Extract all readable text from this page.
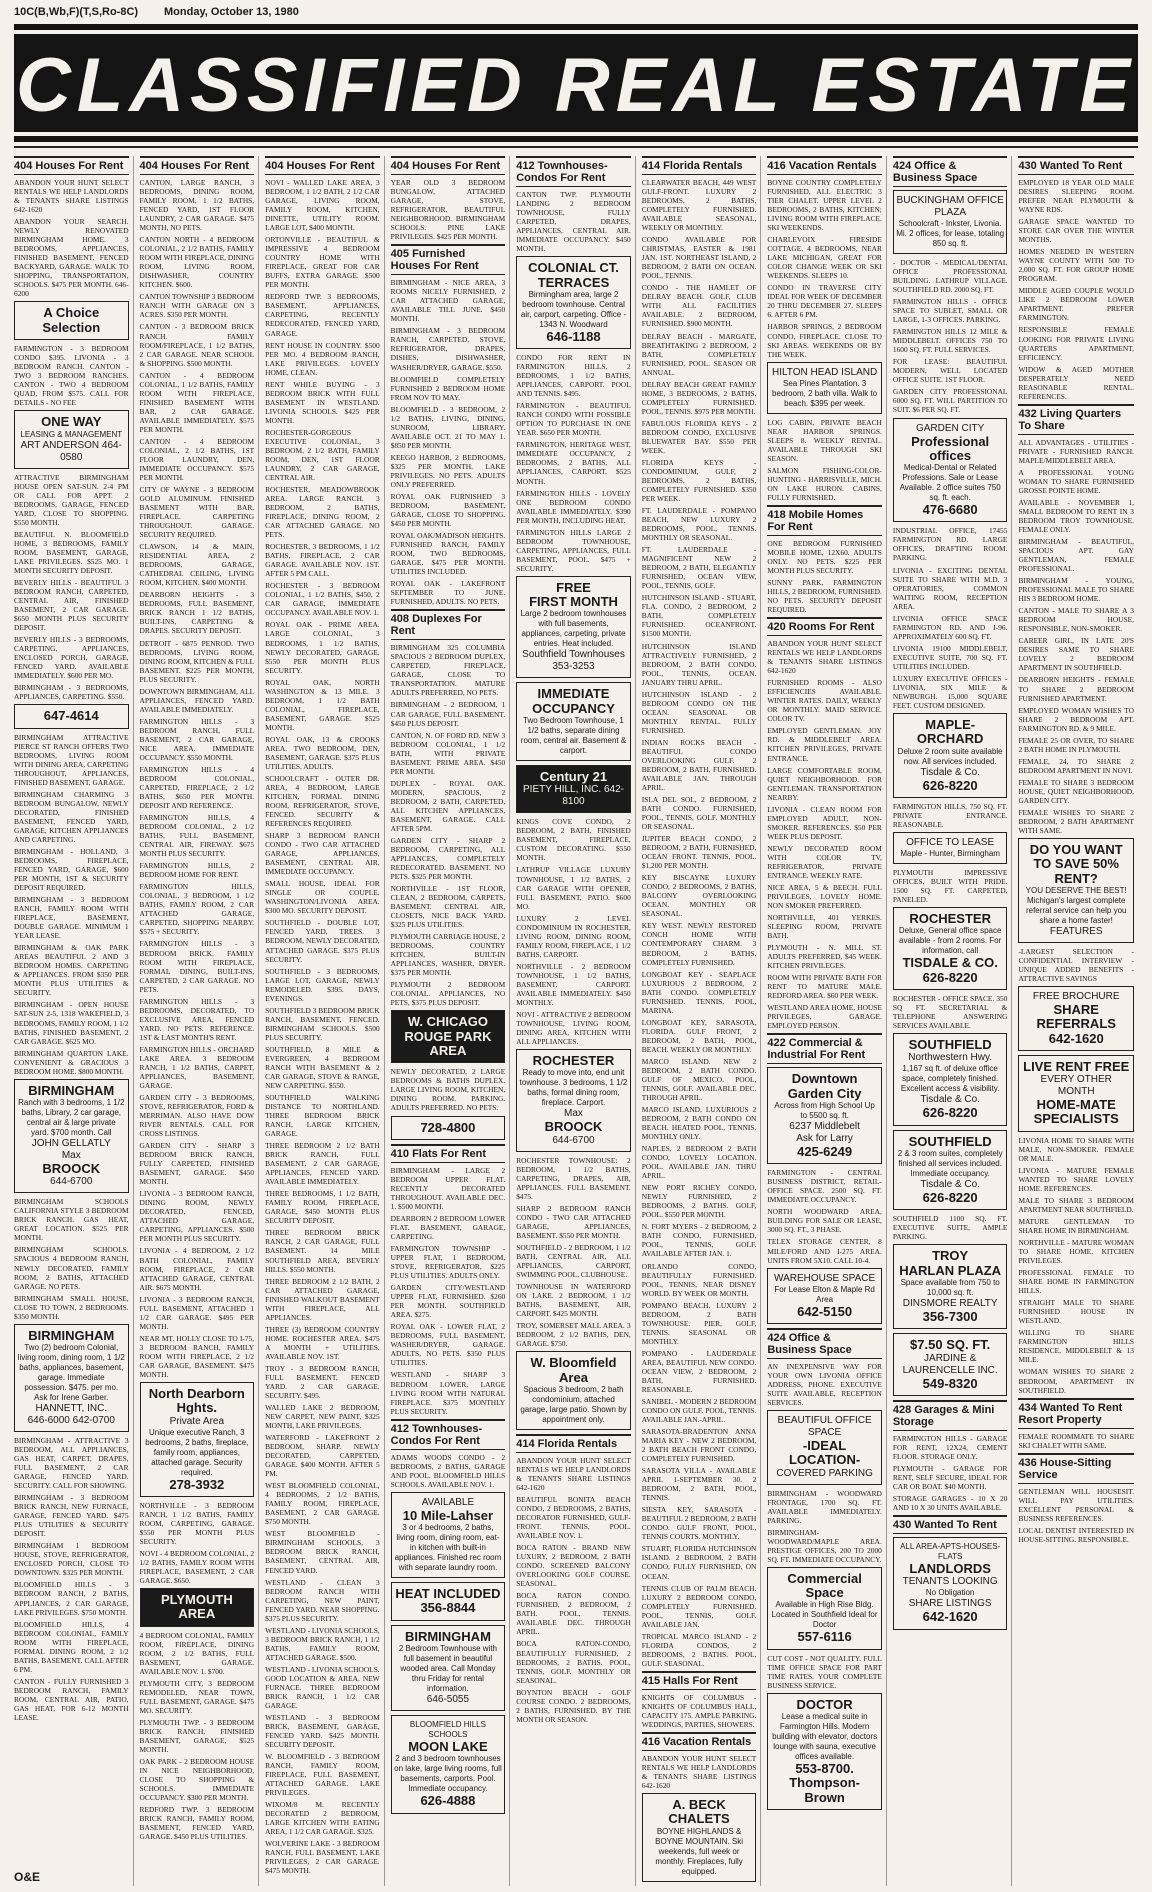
10C(B,Wb,F)(T,S,Ro-8C) Monday, October 13, 1980
CLASSIFIED REAL ESTATE
404 Houses For Rent
ABANDON YOUR HUNT SELECT RENTALS WE HELP LANDLORDS & TENANTS SHARE LISTINGS 642-1620
ABANDON YOUR SEARCH. NEWLY RENOVATED BIRMINGHAM HOME. 3 BEDROOMS, APPLIANCES, FINISHED BASEMENT, FENCED BACKYARD, GARAGE. WALK TO SHOPPING, TRANSPORTATION, SCHOOLS. $475 PER MONTH. 646-6200
A Choice Selection
FARMINGTON - 3 BEDROOM CONDO $395. LIVONIA - 3 BEDROOM RANCH. CANTON - TWO 3 BEDROOM RANCHES. CANTON - TWO 4 BEDROOM QUAD, FROM $575. CALL FOR DETAILS - NO FEE
ONE WAY
LEASING & MANAGEMENT
ART ANDERSON 464-0580
ATTRACTIVE BIRMINGHAM HOUSE OPEN SAT-SUN. 2-4 PM OR CALL FOR APPT. 2 BEDROOMS, GARAGE, FENCED YARD, CLOSE TO SHOPPING. $550 MONTH.
BEAUTIFUL N. BLOOMFIELD HOME, 3 BEDROOMS, FAMILY ROOM, BASEMENT, GARAGE, LAKE PRIVILEGES. $525 MO. 1 MONTH SECURITY DEPOSIT.
BEVERLY HILLS - BEAUTIFUL 3 BEDROOM RANCH, CARPETED, CENTRAL AIR, FINISHED BASEMENT, 2 CAR GARAGE. $650 MONTH PLUS SECURITY DEPOSIT.
BEVERLY HILLS - 3 BEDROOMS, CARPETING, APPLIANCES, ENCLOSED PORCH, GARAGE, FENCED YARD. AVAILABLE IMMEDIATELY. $600 PER MO.
BIRMINGHAM - 3 BEDROOMS, APPLIANCES, CARPETING. $550.
647-4614
BIRMINGHAM ATTRACTIVE PIERCE ST RANCH OFFERS TWO BEDROOMS, LIVING ROOM WITH DINING AREA, CARPETING THROUGHOUT, APPLIANCES, FINISHED BASEMENT, GARAGE.
BIRMINGHAM CHARMING 3 BEDROOM BUNGALOW, NEWLY DECORATED, FINISHED BASEMENT, FENCED YARD, GARAGE, KITCHEN APPLIANCES AND CARPETING.
BIRMINGHAM - HOLLAND, 3 BEDROOMS, FIREPLACE, FENCED YARD, GARAGE, $600 PER MONTH, 1ST & SECURITY DEPOSIT REQUIRED.
BIRMINGHAM - 3 BEDROOM RANCH, FAMILY ROOM WITH FIREPLACE, BASEMENT, DOUBLE GARAGE. MINIMUM 1 YEAR LEASE.
BIRMINGHAM & OAK PARK AREAS BEAUTIFUL 2 AND 3 BEDROOM HOMES. CARPETING & APPLIANCES. FROM $350 PER MONTH PLUS UTILITIES & SECURITY.
BIRMINGHAM - OPEN HOUSE SAT-SUN 2-5, 1318 WAKEFIELD, 3 BEDROOMS, FAMILY ROOM, 1 1/2 BATHS, FINISHED BASEMENT, 2 CAR GARAGE. $625 MO.
BIRMINGHAM QUARTON LAKE. CONVENIENT & GRACIOUS 3 BEDROOM HOME. $800 MONTH.
BIRMINGHAM
Ranch with 3 bedrooms, 1 1/2 baths, Library, 2 car garage, central air & large private yard. $700 month. Call
JOHN GELLATLY
Max
BROOCK
644-6700
BIRMINGHAM SCHOOLS CALIFORNIA STYLE 3 BEDROOM BRICK RANCH. GAS HEAT, GREAT LOCATION. $525 PER MONTH.
BIRMINGHAM SCHOOLS. SPACIOUS 4 BEDROOM RANCH, NEWLY DECORATED, FAMILY ROOM, 2 BATHS, ATTACHED GARAGE. NO PETS.
BIRMINGHAM SMALL HOUSE, CLOSE TO TOWN, 2 BEDROOMS. $350 MONTH.
BIRMINGHAM
Two (2) bedroom Colonial, living room, dining room, 1 1/2 baths, appliances, basement, garage. Immediate possession. $475. per mo. Ask for Irene Garber.
HANNETT, INC.
646-6000 642-0700
BIRMINGHAM - ATTRACTIVE 3 BEDROOM, ALL APPLIANCES, GAS HEAT, CARPET, DRAPES, FULL BASEMENT, 2 CAR GARAGE, FENCED YARD. SECURITY. CALL FOR SHOWING.
BIRMINGHAM - 3 BEDROOM BRICK RANCH, NEW FURNACE, GARAGE, FENCED YARD. $475 PLUS UTILITIES & SECURITY DEPOSIT.
BIRMINGHAM 1 BEDROOM HOUSE, STOVE, REFRIGERATOR, ENCLOSED PORCH, CLOSE TO DOWNTOWN. $325 PER MONTH.
BLOOMFIELD HILLS - 3 BEDROOM RANCH, 2 BATHS, APPLIANCES, 2 CAR GARAGE, LAKE PRIVILEGES. $750 MONTH.
BLOOMFIELD HILLS, 4 BEDROOM COLONIAL, FAMILY ROOM WITH FIREPLACE, FORMAL DINING ROOM, 2 1/2 BATHS, BASEMENT. CALL AFTER 6 PM.
CANTON - FULLY FURNISHED 3 BEDROOM RANCH, FAMILY ROOM, CENTRAL AIR, PATIO, GAS HEAT, FOR 6-12 MONTH LEASE.
404 Houses For Rent
CANTON, LARGE RANCH, 3 BEDROOMS, DINING ROOM, FAMILY ROOM, 1 1/2 BATHS, FENCED YARD, 1ST FLOOR LAUNDRY, 2 CAR GARAGE. $475 MONTH, NO PETS.
CANTON NORTH - 4 BEDROOM COLONIAL, 2 1/2 BATHS, FAMILY ROOM WITH FIREPLACE, DINING ROOM, LIVING ROOM, DISHWASHER, COUNTRY KITCHEN. $600.
CANTON TOWNSHIP 3 BEDROOM RANCH WITH GARAGE ON 3 ACRES. $350 PER MONTH.
CANTON - 3 BEDROOM BRICK RANCH. FAMILY ROOM/FIREPLACE, 1 1/2 BATHS, 2 CAR GARAGE. NEAR SCHOOL & SHOPPING. $500 MONTH.
CANTON - 4 BEDROOM COLONIAL, 1 1/2 BATHS, FAMILY ROOM WITH FIREPLACE, FINISHED BASEMENT WITH BAR, 2 CAR GARAGE. AVAILABLE IMMEDIATELY. $575 PER MONTH.
CANTON - 4 BEDROOM COLONIAL, 2 1/2 BATHS, 1ST FLOOR LAUNDRY, DEN, IMMEDIATE OCCUPANCY. $575 PER MONTH.
CITY OF WAYNE - 3 BEDROOM GOLD ALUMINUM. FINISHED BASEMENT WITH BAR, FIREPLACE. CARPETING THROUGHOUT. GARAGE. SECURITY REQUIRED.
CLAWSON, 14 & MAIN, RESIDENTIAL AREA, 2 BEDROOMS, GARAGE, CATHEDRAL CEILING, LIVING ROOM, KITCHEN. $400 MONTH.
DEARBORN HEIGHTS - 3 BEDROOMS, FULL BASEMENT, BRICK RANCH 1 1/2 BATHS, BUILT-INS, CARPETING & DRAPES. SECURITY DEPOSIT.
DETROIT - 6875 PENROD. TWO BEDROOMS, LIVING ROOM, DINING ROOM, KITCHEN & FULL BASEMENT. $225 PER MONTH, PLUS SECURITY.
DOWNTOWN BIRMINGHAM, ALL APPLIANCES, FENCED YARD. AVAILABLE IMMEDIATELY.
FARMINGTON HILLS - 3 BEDROOM RANCH, FULL BASEMENT, 2 CAR GARAGE, NICE AREA. IMMEDIATE OCCUPANCY. $550 MONTH.
FARMINGTON HILLS - 4 BEDROOM COLONIAL, CARPETED, FIREPLACE, 2 1/2 BATHS, $650 PER MONTH. DEPOSIT AND REFERENCE.
FARMINGTON HILLS, 4 BEDROOM COLONIAL, 2 1/2 BATHS, FULL BASEMENT, CENTRAL AIR, FIREWAY. $675 MONTH PLUS SECURITY.
FARMINGTON HILLS, 2 BEDROOM HOME FOR RENT.
FARMINGTON HILLS, COLONIAL, 3 BEDROOM, 1 1/2 BATHS, FAMILY ROOM, 2 CAR ATTACHED GARAGE, CARPETED, SHOPPING NEARBY. $575 + SECURITY.
FARMINGTON HILLS - 3 BEDROOM BRICK. FAMILY ROOM WITH FIREPLACE, FORMAL DINING, BUILT-INS, CARPETED, 2 CAR GARAGE. NO PETS.
FARMINGTON HILLS - 3 BEDROOMS, DECORATED, TO EXCLUSIVE AREA, FENCED YARD. NO PETS. REFERENCE. 1ST & LAST MONTH'S RENT.
FARMINGTON HILLS - ORCHARD LAKE AREA. 3 BEDROOM RANCH, 1 1/2 BATHS, CARPET, APPLIANCES, BASEMENT, GARAGE.
GARDEN CITY - 3 BEDROOMS, STOVE, REFRIGERATOR, FORD & MERRIMAN. ALSO HAVE DOW RIVER RENTALS. CALL FOR CROSS LISTINGS.
GARDEN CITY - SHARP 3 BEDROOM BRICK RANCH, FULLY CARPETED, FINISHED BASEMENT, GARAGE. $450 MONTH.
LIVONIA - 3 BEDROOM RANCH, DINING ROOM, NEWLY DECORATED, FENCED, ATTACHED GARAGE, CARPETING, APPLIANCES. $500 PER MONTH PLUS SECURITY.
LIVONIA - 4 BEDROOM, 2 1/2 BATH COLONIAL, FAMILY ROOM, FIREPLACE, 2 CAR ATTACHED GARAGE, CENTRAL AIR. $675 MONTH.
LIVONIA - 3 BEDROOM RANCH, FULL BASEMENT, ATTACHED 1 1/2 CAR GARAGE. $495 PER MONTH.
NEAR MT. HOLLY CLOSE TO I-75, 3 BEDROOM RANCH, FAMILY ROOM WITH FIREPLACE, 2 1/2 CAR GARAGE, BASEMENT. $475 MONTH.
North Dearborn Hghts.
Private Area
Unique executive Ranch, 3 bedrooms, 2 baths, fireplace, family room, appliances, attached garage. Security required.
278-3932
NORTHVILLE - 3 BEDROOM RANCH, 1 1/2 BATHS, FAMILY ROOM, CARPETING, GARAGE. $550 PER MONTH PLUS SECURITY.
NOVI - 4 BEDROOM COLONIAL, 2 1/2 BATHS, FAMILY ROOM WITH FIREPLACE, BASEMENT, 2 CAR GARAGE. $650.
PLYMOUTH AREA
4 BEDROOM COLONIAL, FAMILY ROOM, FIREPLACE, DINING ROOM, 2 1/2 BATHS, FULL BASEMENT, GARAGE. AVAILABLE NOV. 1. $700.
PLYMOUTH CITY, 3 BEDROOM REMODELED, NEAR TOWN, FULL BASEMENT, GARAGE. $475 MO. SECURITY.
PLYMOUTH TWP. - 3 BEDROOM BRICK RANCH, FINISHED BASEMENT, GARAGE, $525 MONTH.
OAK PARK - 2 BEDROOM HOUSE IN NICE NEIGHBORHOOD, CLOSE TO SHOPPING & SCHOOLS. IMMEDIATE OCCUPANCY. $300 PER MONTH.
REDFORD TWP. 3 BEDROOM BRICK RANCH, FAMILY ROOM, BASEMENT, FENCED YARD, GARAGE. $450 PLUS UTILITIES.
404 Houses For Rent
NOVI - WALLED LAKE AREA, 3 BEDROOM, 1 1/2 BATH, 2 1/2 CAR GARAGE, LIVING ROOM, FAMILY ROOM, KITCHEN, DINETTE, UTILITY ROOM. LARGE LOT, $400 MONTH.
ORTONVILLE - BEAUTIFUL & IMPRESSIVE 4 BEDROOM COUNTRY HOME WITH FIREPLACE, GREAT FOR CAR BUFFS, EXTRA GARAGE. $500 PER MONTH.
REDFORD TWP. 3 BEDROOMS, BASEMENT, APPLIANCES, CARPETING, RECENTLY REDECORATED, FENCED YARD, GARAGE.
RENT HOUSE IN COUNTRY. $500 PER MO. 4 BEDROOM RANCH, LAKE PRIVILEGES. LOVELY HOME, CLEAN.
RENT WHILE BUYING - 3 BEDROOM BRICK WITH FULL BASEMENT IN WESTLAND. LIVONIA SCHOOLS. $425 PER MONTH.
ROCHESTER-GORGEOUS EXECUTIVE COLONIAL, 3 BEDROOM, 2 1/2 BATH, FAMILY ROOM, DEN, 1ST FLOOR LAUNDRY, 2 CAR GARAGE, CENTRAL AIR.
ROCHESTER, MEADOWBROOK AREA. LARGE RANCH. 3 BEDROOM, 2 BATHS, FIREPLACE, DINING ROOM, 2 CAR ATTACHED GARAGE. NO PETS.
ROCHESTER, 3 BEDROOMS, 1 1/2 BATHS, FIREPLACE, 2 CAR GARAGE. AVAILABLE NOV. 1ST. AFTER 5 PM CALL.
ROCHESTER - 3 BEDROOM COLONIAL, 1 1/2 BATHS, $450, 2 CAR GARAGE, IMMEDIATE OCCUPANCY. AVAILABLE NOV. 1.
ROYAL OAK - PRIME AREA. LARGE COLONIAL, 3 BEDROOMS, 1 1/2 BATHS, NEWLY DECORATED, GARAGE. $550 PER MONTH PLUS SECURITY.
ROYAL OAK, NORTH WASHINGTON & 13 MILE. 3 BEDROOM, 1 1/2 BATH COLONIAL, FIREPLACE, BASEMENT, GARAGE. $525 MONTH.
ROYAL OAK, 13 & CROOKS AREA. TWO BEDROOM, DEN, BASEMENT, GARAGE. $375 PLUS UTILITIES. ADULTS.
SCHOOLCRAFT - OUTER DR. AREA, 4 BEDROOM, LARGE KITCHEN, FORMAL DINING ROOM, REFRIGERATOR, STOVE, FENCED. SECURITY & REFERENCES REQUIRED.
SHARP 3 BEDROOM RANCH CONDO - TWO CAR ATTACHED GARAGE, APPLIANCES, BASEMENT, CENTRAL AIR. IMMEDIATE OCCUPANCY.
SMALL HOUSE, IDEAL FOR SINGLE OR COUPLE. WASHINGTON/LIVONIA AREA. $300 MO. SECURITY DEPOSIT.
SOUTHFIELD - DOUBLE LOT, FENCED YARD, TREES. 3 BEDROOM, NEWLY DECORATED, ATTACHED GARAGE. $375 PLUS SECURITY.
SOUTHFIELD - 3 BEDROOMS, LARGE LOT, GARAGE, NEWLY REMODELED. $395. DAYS, EVENINGS.
SOUTHFIELD 3 BEDROOM BRICK RANCH, BASEMENT, FENCED. BIRMINGHAM SCHOOLS. $500 PLUS SECURITY.
SOUTHFIELD, 8 MILE & EVERGREEN, 4 BEDROOM RANCH WITH BASEMENT & 2 CAR GARAGE, STOVE & RANGE, NEW CARPETING. $550.
SOUTHFIELD WALKING DISTANCE TO NORTHLAND. THREE BEDROOM BRICK RANCH, LARGE KITCHEN, GARAGE.
THREE BEDROOM 2 1/2 BATH BRICK RANCH, FULL BASEMENT, 2 CAR GARAGE, APPLIANCES, FENCED YARD. AVAILABLE IMMEDIATELY.
THREE BEDROOMS, 1 1/2 BATH, FAMILY ROOM, FIREPLACE, GARAGE, $450 MONTH PLUS SECURITY DEPOSIT.
THREE BEDROOM BRICK RANCH, 2 CAR GARAGE, FULL BASEMENT. 14 MILE SOUTHFIELD AREA, BEVERLY HILLS. $550 MONTH.
THREE BEDROOM 2 1/2 BATH, 2 CAR ATTACHED GARAGE, FINISHED WALKOUT BASEMENT WITH FIREPLACE, ALL APPLIANCES.
THREE (3) BEDROOM COUNTRY HOME. ROCHESTER AREA. $475 A MONTH + UTILITIES. AVAILABLE NOV. 1ST.
TROY - 3 BEDROOM RANCH, FULL BASEMENT, FENCED YARD. 2 CAR GARAGE. SECURITY. $495.
WALLED LAKE 2 BEDROOM, NEW CARPET, NEW PAINT, $325 MONTH, LAKE PRIVILEGES.
WATERFORD - LAKEFRONT 2 BEDROOM, SHARP. NEWLY DECORATED, CARPETED, GARAGE. $400 MONTH. AFTER 5 PM.
WEST BLOOMFIELD COLONIAL, 4 BEDROOMS, 2 1/2 BATHS, FAMILY ROOM, FIREPLACE, BASEMENT, 2 CAR GARAGE. $750 MONTH.
WEST BLOOMFIELD - BIRMINGHAM SCHOOLS, 3 BEDROOM BRICK RANCH, BASEMENT, CENTRAL AIR, FENCED YARD.
WESTLAND - CLEAN 3 BEDROOM RANCH WITH CARPETING, NEW PAINT, FENCED YARD. NEAR SHOPPING. $375 PLUS SECURITY.
WESTLAND - LIVONIA SCHOOLS, 3 BEDROOM BRICK RANCH, 1 1/2 BATHS, FAMILY ROOM, ATTACHED GARAGE. $500.
WESTLAND - LIVONIA SCHOOLS. GOOD LOCATION & AREA. NEW FURNACE. THREE BEDROOM BRICK RANCH, 1 1/2 CAR GARAGE.
WESTLAND - 3 BEDROOM BRICK, BASEMENT, GARAGE, FENCED YARD. $425 MONTH. SECURITY DEPOSIT.
W. BLOOMFIELD - 3 BEDROOM RANCH, FAMILY ROOM, FIREPLACE, FULL BASEMENT, ATTACHED GARAGE. LAKE PRIVILEGES.
WIXOM/8 M. RECENTLY DECORATED 2 BEDROOM, LARGE KITCHEN WITH EATING AREA, 1 1/2 CAR GARAGE. $325.
WOLVERINE LAKE - 3 BEDROOM RANCH, FULL BASEMENT, LAKE PRIVILEGES, 2 CAR GARAGE. $475 MONTH.
404 Houses For Rent
YEAR OLD 3 BEDROOM BUNGALOW, ATTACHED GARAGE, STOVE, REFRIGERATOR, BEAUTIFUL NEIGHBORHOOD. BIRMINGHAM SCHOOLS. PINE LAKE PRIVILEGES. $425 PER MONTH.
405 Furnished Houses For Rent
BIRMINGHAM - NICE AREA, 3 ROOMS NICELY FURNISHED, 2 CAR ATTACHED GARAGE, AVAILABLE TILL JUNE. $450 MONTH.
BIRMINGHAM - 3 BEDROOM RANCH, CARPETED, STOVE, REFRIGERATOR, DRAPES, DISHES, DISHWASHER, WASHER/DRYER, GARAGE. $550.
BLOOMFIELD COMPLETELY FURNISHED 2 BEDROOM HOME FROM NOV TO MAY.
BLOOMFIELD - 3 BEDROOM, 2 1/2 BATHS, LIVING, DINING, SUNROOM, LIBRARY. AVAILABLE OCT. 21 TO MAY 1. $850 PER MONTH.
KEEGO HARBOR, 2 BEDROOMS, $325 PER MONTH. LAKE PRIVILEGES. NO PETS. ADULTS ONLY PREFERRED.
ROYAL OAK FURNISHED 3 BEDROOM, BASEMENT, GARAGE, CLOSE TO SHOPPING. $450 PER MONTH.
ROYAL OAK/MADISON HEIGHTS. FURNISHED RANCH, FAMILY ROOM, TWO BEDROOMS, GARAGE. $475 PER MONTH. UTILITIES INCLUDED.
ROYAL OAK - LAKEFRONT SEPTEMBER TO JUNE. FURNISHED, ADULTS. NO PETS.
408 Duplexes For Rent
BIRMINGHAM 325 COLUMBIA SPACIOUS 2 BEDROOM DUPLEX, CARPETED, FIREPLACE, GARAGE, CLOSE TO TRANSPORTATION. MATURE ADULTS PREFERRED, NO PETS.
BIRMINGHAM - 2 BEDROOM, 1 CAR GARAGE, FULL BASEMENT. $450 PLUS DEPOSIT.
CANTON, N. OF FORD RD. NEW 3 BEDROOM COLONIAL, 1 1/2 BATH, WITH PRIVATE BASEMENT. PRIME AREA. $450 PER MONTH.
DUPLEX - ROYAL OAK. MODERN, SPACIOUS, 2 BEDROOM, 2 BATH, CARPETED, ALL KITCHEN APPLIANCES, BASEMENT, GARAGE. CALL AFTER 5PM.
GARDEN CITY - SHARP 2 BEDROOM, CARPETING, ALL APPLIANCES, COMPLETELY REDECORATED. BASEMENT. NO PETS. $325 PER MONTH.
NORTHVILLE - 1ST FLOOR, CLEAN, 2 BEDROOM, CARPETS, BASEMENT. CENTRAL AIR, CLOSETS, NICE BACK YARD. $325 PLUS UTILITIES.
PLYMOUTH CARRIAGE HOUSE, 2 BEDROOMS, COUNTRY KITCHEN, BUILT-IN APPLIANCES, WASHER, DRYER. $375 PER MONTH.
PLYMOUTH 2 BEDROOM COLONIAL. APPLIANCES, NO PETS, $375 PLUS DEPOSIT.
W. CHICAGO
ROUGE PARK AREA
NEWLY DECORATED, 2 LARGE BEDROOMS & BATHS DUPLEX. LARGE LIVING ROOM, KITCHEN, DINING ROOM. PARKING. ADULTS PREFERRED. NO PETS.
728-4800
410 Flats For Rent
BIRMINGHAM - LARGE 2 BEDROOM UPPER FLAT. RECENTLY DECORATED THROUGHOUT. AVAILABLE DEC. 1. $500 MONTH.
DEARBORN 2 BEDROOM LOWER FLAT. BASEMENT, GARAGE, CARPETING.
FARMINGTON TOWNSHIP - UPPER FLAT, 1 BEDROOM, STOVE, REFRIGERATOR, $225 PLUS UTILITIES. ADULTS ONLY.
GARDEN CITY/WESTLAND UPPER FLAT, FURNISHED. $260 PER MONTH. SOUTHFIELD AREA. $275.
ROYAL OAK - LOWER FLAT, 2 BEDROOMS, FULL BASEMENT, WASHER/DRYER, GARAGE. ADULTS, NO PETS. $350 PLUS UTILITIES.
WESTLAND - SHARP 3 BEDROOM LOWER, LARGE LIVING ROOM WITH NATURAL FIREPLACE. $375 MONTHLY PLUS SECURITY.
412 Townhouses-Condos For Rent
ADAMS WOODS CONDO - 2 BEDROOMS, 2 BATHS, GARAGE AND POOL. BLOOMFIELD HILLS SCHOOLS. AVAILABLE NOV. 1.
AVAILABLE
10 Mile-Lahser
3 or 4 bedrooms, 2 baths, living room, dining room, eat-in kitchen with built-in appliances. Finished rec room with separate laundry room.
HEAT INCLUDED
356-8844
BIRMINGHAM
2 Bedroom Townhouse with full basement in beautiful wooded area. Call Monday thru Friday for rental information.
646-5055
BLOOMFIELD HILLS SCHOOLS
MOON LAKE
2 and 3 bedroom townhouses on lake, large living rooms, full basements, carports. Pool. Immediate occupancy.
626-4888
412 Townhouses-Condos For Rent
CANTON TWP. PLYMOUTH LANDING 2 BEDROOM TOWNHOUSE, FULLY CARPETED, DRAPES, APPLIANCES, CENTRAL AIR. IMMEDIATE OCCUPANCY. $450 MONTH.
COLONIAL CT.
TERRACES
Birmingham area, large 2 bedroom townhouse. Central air, carport, carpeting. Office - 1343 N. Woodward
646-1188
CONDO FOR RENT IN FARMINGTON HILLS, 2 BEDROOMS, 1 1/2 BATHS, APPLIANCES, CARPORT. POOL AND TENNIS. $495.
FARMINGTON - BEAUTIFUL RANCH CONDO WITH POSSIBLE OPTION TO PURCHASE IN ONE YEAR. $650 PER MONTH.
FARMINGTON, HERITAGE WEST, IMMEDIATE OCCUPANCY, 2 BEDROOMS, 2 BATHS, ALL APPLIANCES, CARPORT. $525 MONTH.
FARMINGTON HILLS - LOVELY ONE BEDROOM CONDO AVAILABLE IMMEDIATELY. $390 PER MONTH, INCLUDING HEAT.
FARMINGTON HILLS LARGE 2 BEDROOM TOWNHOUSE, CARPETING, APPLIANCES, FULL BASEMENT, POOL. $475 + SECURITY.
FREE
FIRST MONTH
Large 2 bedroom townhouses with full basements, appliances, carpeting, private entries. Heat included.
Southfield Townhouses
353-3253
IMMEDIATE OCCUPANCY
Two Bedroom Townhouse, 1 1/2 baths, separate dining room, central air. Basement & carport.
Century 21
PIETY HILL, INC. 642-8100
KINGS COVE CONDO, 2 BEDROOM, 2 BATH, FINISHED BASEMENT, FIREPLACE, CUSTOM DECORATING. $550 MONTH.
LATHRUP VILLAGE LUXURY TOWNHOUSE, 1 1/2 BATHS, 2 CAR GARAGE WITH OPENER, FULL BASEMENT, PATIO. $600 MO.
LUXURY 2 LEVEL CONDOMINIUM IN ROCHESTER, LIVING ROOM, DINING ROOM, FAMILY ROOM, FIREPLACE, 1 1/2 BATHS, CARPORT.
NORTHVILLE - 2 BEDROOM TOWNHOUSE, 1 1/2 BATHS, BASEMENT, CARPORT. AVAILABLE IMMEDIATELY. $450 MONTHLY.
NOVI - ATTRACTIVE 2 BEDROOM TOWNHOUSE, LIVING ROOM, DINING AREA, KITCHEN WITH ALL APPLIANCES.
ROCHESTER
Ready to move into, end unit townhouse. 3 bedrooms, 1 1/2 baths, formal dining room, fireplace. Carport.
Max
BROOCK
644-6700
ROCHESTER TOWNHOUSE: 2 BEDROOM, 1 1/2 BATHS, CARPETING, DRAPES, AIR, APPLIANCES. FULL BASEMENT. $475.
SHARP 2 BEDROOM RANCH CONDO - TWO CAR ATTACHED GARAGE, APPLIANCES, BASEMENT. $550 PER MONTH.
SOUTHFIELD - 2 BEDROOM, 1 1/2 BATH, CENTRAL AIR, ALL APPLIANCES, CARPORT, SWIMMING POOL, CLUBHOUSE.
TOWNHOUSE IN WATERFORD ON LAKE. 2 BEDROOM, 1 1/2 BATHS, BASEMENT, AIR, CARPORT. $425 MONTH.
TROY, SOMERSET MALL AREA. 3 BEDROOM, 2 1/2 BATHS, DEN, GARAGE. $750.
W. Bloomfield Area
Spacious 3 bedroom, 2 bath condominium, attached garage, large patio. Shown by appointment only.
414 Florida Rentals
ABANDON YOUR HUNT SELECT RENTALS WE HELP LANDLORDS & TENANTS SHARE LISTINGS 642-1620
BEAUTIFUL BONITA BEACH CONDO, 2 BEDROOMS, 2 BATHS, DECORATOR FURNISHED, GULF-FRONT. TENNIS, POOL. AVAILABLE NOV. 1.
BOCA RATON - BRAND NEW LUXURY, 2 BEDROOM, 2 BATH CONDO. SCREENED BALCONY OVERLOOKING GOLF COURSE. SEASONAL.
BOCA RATON CONDO. FURNISHED, 2 BEDROOM, 2 BATH. POOL, TENNIS. AVAILABLE DEC. THROUGH APRIL.
BOCA RATON-CONDO, BEAUTIFULLY FURNISHED, 2 BEDROOMS, 2 BATHS. POOL, TENNIS, GOLF. MONTHLY OR SEASONAL.
BOYNTON BEACH - GOLF COURSE CONDO. 2 BEDROOMS, 2 BATHS, FURNISHED. BY THE MONTH OR SEASON.
414 Florida Rentals
CLEARWATER BEACH, 449 WEST GULF-FRONT. LUXURY 2 BEDROOMS, 2 BATHS, COMPLETELY FURNISHED. AVAILABLE SEASONAL, WEEKLY OR MONTHLY.
CONDO AVAILABLE FOR CHRISTMAS, EASTER & 1981 JAN. 1ST. NORTHEAST ISLAND, 2 BEDROOM, 2 BATH ON OCEAN. POOL, TENNIS.
CONDO - THE HAMLET OF DELRAY BEACH. GOLF, CLUB WITH ALL FACILITIES AVAILABLE. 2 BEDROOM, FURNISHED. $900 MONTH.
DELRAY BEACH - MARGATE, BREATHTAKING 2 BEDROOM, 2 BATH, COMPLETELY FURNISHED, POOL. SEASON OR ANNUAL.
DELRAY BEACH GREAT FAMILY HOME, 3 BEDROOMS, 2 BATHS, COMPLETELY FURNISHED. POOL, TENNIS. $975 PER MONTH.
FABULOUS FLORIDA KEYS - 2 BEDROOM CONDO, EXCLUSIVE BLUEWATER BAY. $550 PER WEEK.
FLORIDA KEYS - CONDOMINIUM, GULF, 2 BEDROOMS, 2 BATHS, COMPLETELY FURNISHED. $350 PER WEEK.
FT. LAUDERDALE - POMPANO BEACH, NEW LUXURY 2 BEDROOMS, POOL, TENNIS. MONTHLY OR SEASONAL.
FT. LAUDERDALE - MAGNIFICENT NEW 2 BEDROOM, 2 BATH, ELEGANTLY FURNISHED, OCEAN VIEW, POOL, TENNIS, GOLF.
HUTCHINSON ISLAND - STUART, FLA. CONDO, 2 BEDROOM, 2 BATH, COMPLETELY FURNISHED. OCEANFRONT. $1500 MONTH.
HUTCHINSON ISLAND ATTRACTIVELY FURNISHED, 2 BEDROOM, 2 BATH CONDO. POOL, TENNIS, OCEAN. JANUARY THRU APRIL.
HUTCHINSON ISLAND - 2 BEDROOM CONDO ON THE OCEAN. SEASONAL OR MONTHLY RENTAL. FULLY FURNISHED.
INDIAN ROCKS BEACH - BEAUTIFUL CONDO OVERLOOKING GULF. 2 BEDROOM, 2 BATH, FURNISHED. AVAILABLE JAN. THROUGH APRIL.
ISLA DEL SOL, 2 BEDROOM, 2 BATH CONDO. FURNISHED, POOL, TENNIS, GOLF. MONTHLY OR SEASONAL.
JUPITER BEACH CONDO, 2 BEDROOM, 2 BATH, FURNISHED, OCEAN FRONT. TENNIS, POOL. $1,200 PER MONTH.
KEY BISCAYNE LUXURY CONDO, 2 BEDROOMS, 2 BATHS, BALCONY OVERLOOKING OCEAN. MONTHLY OR SEASONAL.
KEY WEST. NEWLY RESTORED CONCH HOME WITH CONTEMPORARY CHARM. 3 BEDROOM, 2 BATHS, COMPLETELY FURNISHED.
LONGBOAT KEY - SEAPLACE LUXURIOUS 2 BEDROOM, 2 BATH CONDO. COMPLETELY FURNISHED. TENNIS, POOL, MARINA.
LONGBOAT KEY, SARASOTA, FLORIDA. GULF FRONT, 2 BEDROOM, 2 BATH, POOL, BEACH. WEEKLY OR MONTHLY.
MARCO ISLAND. NEW 2 BEDROOM, 2 BATH CONDO. GULF OF MEXICO. POOL, TENNIS, GOLF. AVAILABLE DEC. THROUGH APRIL.
MARCO ISLAND, LUXURIOUS 2 BEDROOM, 2 BATH CONDO ON BEACH. HEATED POOL, TENNIS. MONTHLY ONLY.
NAPLES, 2 BEDROOM 2 BATH CONDO, LOVELY LOCATION. POOL. AVAILABLE JAN. THRU APRIL.
NEW PORT RICHEY CONDO, NEWLY FURNISHED, 2 BEDROOMS, 2 BATHS. GOLF, POOL. $550 PER MONTH.
N. FORT MYERS - 2 BEDROOM, 2 BATH CONDO, FURNISHED, POOL, TENNIS, GOLF. AVAILABLE AFTER JAN. 1.
ORLANDO CONDO, BEAUTIFULLY FURNISHED. POOL, TENNIS, NEAR DISNEY WORLD. BY WEEK OR MONTH.
POMPANO BEACH, LUXURY 2 BEDROOM, 2 BATH TOWNHOUSE. PIER, GOLF, TENNIS. SEASONAL OR MONTHLY.
POMPANO - LAUDERDALE AREA, BEAUTIFUL NEW CONDO. OCEAN VIEW, 2 BEDROOM, 2 BATH, FURNISHED. REASONABLE.
SANIBEL - MODERN 2 BEDROOM CONDO ON GULF. POOL, TENNIS. AVAILABLE JAN.-APRIL.
SARASOTA-BRADENTON ANNA MARIA KEY - NEW 2 BEDROOM, 2 BATH BEACH FRONT CONDO, COMPLETELY FURNISHED.
SARASOTA VILLA - AVAILABLE APRIL 1-SEPTEMBER 30. 2 BEDROOM, 2 BATH, POOL, TENNIS.
SIESTA KEY, SARASOTA - BEAUTIFUL 2 BEDROOM, 2 BATH CONDO. GULF FRONT, POOL, TENNIS COURTS. MONTHLY.
STUART; FLORIDA HUTCHINSON ISLAND. 2 BEDROOM, 2 BATH CONDO, FULLY FURNISHED, ON OCEAN.
TENNIS CLUB OF PALM BEACH. LUXURY 2 BEDROOM CONDO, COMPLETELY FURNISHED. POOL, TENNIS, GOLF. AVAILABLE JAN.
TROPICAL MARCO ISLAND - 2 FLORIDA CONDOS, 2 BEDROOMS, 2 BATHS. POOL, GULF. SEASONAL.
415 Halls For Rent
KNIGHTS OF COLUMBUS - KNIGHTS OF COLUMBUS HALL, CAPACITY 175. AMPLE PARKING. WEDDINGS, PARTIES, SHOWERS.
416 Vacation Rentals
ABANDON YOUR HUNT SELECT RENTALS WE HELP LANDLORDS & TENANTS SHARE LISTINGS 642-1620
A. BECK CHALETS
BOYNE HIGHLANDS & BOYNE MOUNTAIN. Ski weekends, full week or monthly. Fireplaces, fully equipped.
416 Vacation Rentals
BOYNE COUNTRY COMPLETELY FURNISHED, ALL ELECTRIC 3 TIER CHALET. UPPER LEVEL 2 BEDROOMS, 2 BATHS, KITCHEN; LIVING ROOM WITH FIREPLACE. SKI WEEKENDS.
CHARLEVOIX - FIRESIDE COTTAGE, 4 BEDROOMS, NEAR LAKE MICHIGAN, GREAT FOR COLOR CHANGE WEEK OR SKI WEEKENDS. SLEEPS 10.
CONDO IN TRAVERSE CITY IDEAL FOR WEEK OF DECEMBER 20 THRU DECEMBER 27. SLEEPS 6. AFTER 6 PM.
HARBOR SPRINGS, 2 BEDROOM CONDO, FIREPLACE. CLOSE TO SKI AREAS. WEEKENDS OR BY THE WEEK.
HILTON HEAD ISLAND
Sea Pines Plantation. 3 bedroom, 2 bath villa. Walk to beach. $395 per week.
LOG CABIN, PRIVATE BEACH NEAR HARBOR SPRINGS. SLEEPS 8. WEEKLY RENTAL. AVAILABLE THROUGH SKI SEASON.
SALMON FISHING-COLOR-HUNTING - HARRISVILLE, MICH. ON LAKE HURON. CABINS, FULLY FURNISHED.
418 Mobile Homes For Rent
ONE BEDROOM FURNISHED MOBILE HOME, 12X60. ADULTS ONLY. NO PETS. $225 PER MONTH PLUS SECURITY.
SUNNY PARK, FARMINGTON HILLS, 2 BEDROOM, FURNISHED. NO PETS. SECURITY DEPOSIT REQUIRED.
420 Rooms For Rent
ABANDON YOUR HUNT SELECT RENTALS WE HELP LANDLORDS & TENANTS SHARE LISTINGS 642-1620
FURNISHED ROOMS - ALSO EFFICIENCIES AVAILABLE. WINTER RATES. DAILY, WEEKLY OR MONTHLY. MAID SERVICE. COLOR TV.
EMPLOYED GENTLEMAN. JOY RD. & MIDDLEBELT AREA. KITCHEN PRIVILEGES, PRIVATE ENTRANCE.
LARGE COMFORTABLE ROOM, QUIET NEIGHBORHOOD. FOR GENTLEMAN. TRANSPORTATION NEARBY.
LIVONIA - CLEAN ROOM FOR EMPLOYED ADULT, NON-SMOKER. REFERENCES. $50 PER WEEK PLUS DEPOSIT.
NEWLY DECORATED ROOM WITH COLOR TV, REFRIGERATOR, PRIVATE ENTRANCE. WEEKLY RATE.
NICE AREA, 5 & BEECH. FULL PRIVILEGES, LOVELY HOME. NON SMOKER PREFERRED.
NORTHVILLE, 401 YERKES. SLEEPING ROOM, PRIVATE BATH.
PLYMOUTH - N. MILL ST. ADULTS PREFERRED, $45 WEEK. KITCHEN PRIVILEGES.
ROOM WITH PRIVATE BATH FOR RENT TO MATURE MALE. REDFORD AREA. $60 PER WEEK.
WESTLAND AREA HOME, HOUSE PRIVILEGES, GARAGE. EMPLOYED PERSON.
422 Commercial & Industrial For Rent
Downtown Garden City
Across from High School Up to 5500 sq. ft.
6237 Middlebelt
Ask for Larry
425-6249
FARMINGTON - CENTRAL BUSINESS DISTRICT, RETAIL-OFFICE SPACE. 2500 SQ. FT. IMMEDIATE OCCUPANCY.
NORTH WOODWARD AREA, BUILDING FOR SALE OR LEASE, 3000 SQ. FT., 3 PHASE.
TELEX STORAGE CENTER, 8 MILE/FORD AND I-275 AREA. UNITS FROM 5X10. CALL 10-4.
WAREHOUSE SPACE
For Lease Elton & Maple Rd Area
642-5150
424 Office & Business Space
AN INEXPENSIVE WAY FOR YOUR OWN LIVONIA OFFICE ADDRESS, PHONE. EXECUTIVE SUITE AVAILABLE, RECEPTION SERVICES.
BEAUTIFUL OFFICE SPACE
-IDEAL LOCATION-
COVERED PARKING
BIRMINGHAM - WOODWARD FRONTAGE, 1700 SQ. FT. AVAILABLE IMMEDIATELY. PARKING.
BIRMINGHAM-WOODWARD/MAPLE AREA. PRESTIGE OFFICES, 200 TO 2000 SQ. FT. IMMEDIATE OCCUPANCY.
Commercial Space
Available in High Rise Bldg. Located in Southfield Ideal for Doctor
557-6116
CUT COST - NOT QUALITY. FULL TIME OFFICE SPACE FOR PART TIME RATES. YOUR COMPLETE BUSINESS SERVICE.
DOCTOR
Lease a medical suite in Farmington Hills. Modern building with elevator, doctors lounge with sauna, executive offices available.
553-8700. Thompson-Brown
424 Office & Business Space
BUCKINGHAM OFFICE PLAZA
Schoolcraft - Inkster, Livonia. Mi. 2 offices, for lease, totaling 850 sq. ft.
- DOCTOR - MEDICAL/DENTAL OFFICE PROFESSIONAL BUILDING. LATHRUP VILLAGE. SOUTHFIELD RD. 2000 SQ. FT.
FARMINGTON HILLS - OFFICE SPACE TO SUBLET, SMALL OR LARGE, 1-3 OFFICES. PARKING.
FARMINGTON HILLS 12 MILE & MIDDLEBELT. OFFICES 750 TO 1600 SQ. FT. FULL SERVICES.
FOR LEASE: BEAUTIFUL MODERN, WELL LOCATED OFFICE SUITE. 1ST FLOOR.
GARDEN CITY PROFESSIONAL 6000 SQ. FT. WILL PARTITION TO SUIT. $6 PER SQ. FT.
GARDEN CITY
Professional offices
Medical-Dental or Related Professions. Sale or Lease Available. 2 office suites 750 sq. ft. each.
476-6680
INDUSTRIAL OFFICE, 17455 FARMINGTON RD. LARGE OFFICES, DRAFTING ROOM. PARKING.
LIVONIA - EXCITING DENTAL SUITE TO SHARE WITH M.D. 3 OPERATORIES, COMMON WAITING ROOM, RECEPTION AREA.
LIVONIA OFFICE SPACE FARMINGTON RD. AND I-96. APPROXIMATELY 600 SQ. FT.
LIVONIA 19100 MIDDLEBELT, EXECUTIVE SUITE, 700 SQ. FT. UTILITIES INCLUDED.
LUXURY EXECUTIVE OFFICES - LIVONIA, SIX MILE & NEWBURGH. 15,000 SQUARE FEET. CUSTOM DESIGNED.
MAPLE-ORCHARD
Deluxe 2 room suite available now. All services included.
Tisdale & Co.
626-8220
FARMINGTON HILLS, 750 SQ. FT. PRIVATE ENTRANCE. REASONABLE.
OFFICE TO LEASE
Maple - Hunter, Birmingham
PLYMOUTH IMPRESSIVE OFFICES, BUILT WITH PRIDE. 1500 SQ. FT. CARPETED, PANELED.
ROCHESTER
Deluxe, General office space available - from 2 rooms. For information, call
TISDALE & CO.
626-8220
ROCHESTER - OFFICE SPACE. 350 SQ FT. SECRETARIAL & TELEPHONE ANSWERING SERVICES AVAILABLE.
SOUTHFIELD
Northwestern Hwy.
1,167 sq ft. of deluxe office space, completely finished. Excellent access & visibility.
Tisdale & Co.
626-8220
SOUTHFIELD
2 & 3 room suites, completely finished all services included. Immediate occupancy.
Tisdale & Co.
626-8220
SOUTHFIELD 1100 SQ. FT. EXECUTIVE SUITE, AMPLE PARKING.
TROY
HARLAN PLAZA
Space available from 750 to 10,000 sq. ft.
DINSMORE REALTY
356-7300
$7.50 SQ. FT.
JARDINE & LAURENCELLE INC.
549-8320
428 Garages & Mini Storage
FARMINGTON HILLS - GARAGE FOR RENT, 12X24, CEMENT FLOOR. STORAGE ONLY.
PLYMOUTH - GARAGE FOR RENT, SELF SECURE, IDEAL FOR CAR OR BOAT. $40 MONTH.
STORAGE GARAGES - 10 X 20 AND 10 X 30 UNITS AVAILABLE.
430 Wanted To Rent
ALL AREA-APTS-HOUSES-FLATS
LANDLORDS
TENANTS LOOKING
No Obligation
SHARE LISTINGS
642-1620
430 Wanted To Rent
EMPLOYED 18 YEAR OLD MALE DESIRES SLEEPING ROOM. PREFER NEAR PLYMOUTH & WAYNE RDS.
GARAGE SPACE WANTED TO STORE CAR OVER THE WINTER MONTHS.
HOMES NEEDED IN WESTERN WAYNE COUNTY WITH 500 TO 2,000 SQ. FT. FOR GROUP HOME PROGRAM.
MIDDLE AGED COUPLE WOULD LIKE 2 BEDROOM LOWER APARTMENT. PREFER FARMINGTON.
RESPONSIBLE FEMALE LOOKING FOR PRIVATE LIVING QUARTERS APARTMENT, EFFICIENCY.
WIDOW & AGED MOTHER DESPERATELY NEED REASONABLE RENTAL. REFERENCES.
432 Living Quarters To Share
ALL ADVANTAGES - UTILITIES - PRIVATE - FURNISHED RANCH. MAPLE/MIDDLEBELT AREA.
A PROFESSIONAL YOUNG WOMAN TO SHARE FURNISHED GROSSE POINTE HOME.
AVAILABLE - NOVEMBER 1, SMALL BEDROOM TO RENT IN 3 BEDROOM TROY TOWNHOUSE. FEMALE ONLY.
BIRMINGHAM - BEAUTIFUL, SPACIOUS APT. GAY GENTLEMAN, FEMALE PROFESSIONAL.
BIRMINGHAM - YOUNG, PROFESSIONAL MALE TO SHARE HIS 3 BEDROOM HOME.
CANTON - MALE TO SHARE A 3 BEDROOM HOUSE, RESPONSIBLE, NON-SMOKER.
CAREER GIRL, IN LATE 20'S DESIRES SAME TO SHARE LOVELY 2 BEDROOM APARTMENT IN SOUTHFIELD.
DEARBORN HEIGHTS - FEMALE TO SHARE 2 BEDROOM FURNISHED APARTMENT.
EMPLOYED WOMAN WISHES TO SHARE 2 BEDROOM APT. FARMINGTON RD. & 9 MILE.
FEMALE 25 OR OVER, TO SHARE 2 BATH HOME IN PLYMOUTH.
FEMALE, 24, TO SHARE 2 BEDROOM APARTMENT IN NOVI.
FEMALE TO SHARE 3 BEDROOM HOUSE, QUIET NEIGHBORHOOD, GARDEN CITY.
FEMALE WISHES TO SHARE 2 BEDROOM, 2 BATH APARTMENT WITH SAME.
DO YOU WANT TO SAVE 50% RENT?
YOU DESERVE THE BEST! Michigan's largest complete referral service can help you share a home faster!
FEATURES
-LARGEST SELECTION -CONFIDENTIAL INTERVIEW -UNIQUE ADDED BENEFITS -ATTRACTIVE SAVINGS
FREE BROCHURE
SHARE REFERRALS
642-1620
LIVE RENT FREE
EVERY OTHER MONTH
HOME-MATE SPECIALISTS
LIVONIA HOME TO SHARE WITH MALE, NON-SMOKER. FEMALE OR MALE.
LIVONIA - MATURE FEMALE WANTED TO SHARE LOVELY HOME. REFERENCES.
MALE TO SHARE 3 BEDROOM APARTMENT NEAR SOUTHFIELD.
MATURE GENTLEMAN TO SHARE HOME IN BIRMINGHAM.
NORTHVILLE - MATURE WOMAN TO SHARE HOME. KITCHEN PRIVILEGES.
PROFESSIONAL FEMALE TO SHARE HOME IN FARMINGTON HILLS.
STRAIGHT MALE TO SHARE FURNISHED HOUSE IN WESTLAND.
WILLING TO SHARE FARMINGTON HILLS RESIDENCE, MIDDLEBELT & 13 MILE.
WOMAN WISHES TO SHARE 2 BEDROOM, APARTMENT IN SOUTHFIELD.
434 Wanted To Rent Resort Property
FEMALE ROOMMATE TO SHARE SKI CHALET WITH SAME.
436 House-Sitting Service
GENTLEMAN WILL HOUSESIT. WILL PAY UTILITIES. EXCELLENT PERSONAL & BUSINESS REFERENCES.
LOCAL DENTIST INTERESTED IN HOUSE-SITTING. RESPONSIBLE.
O&E
